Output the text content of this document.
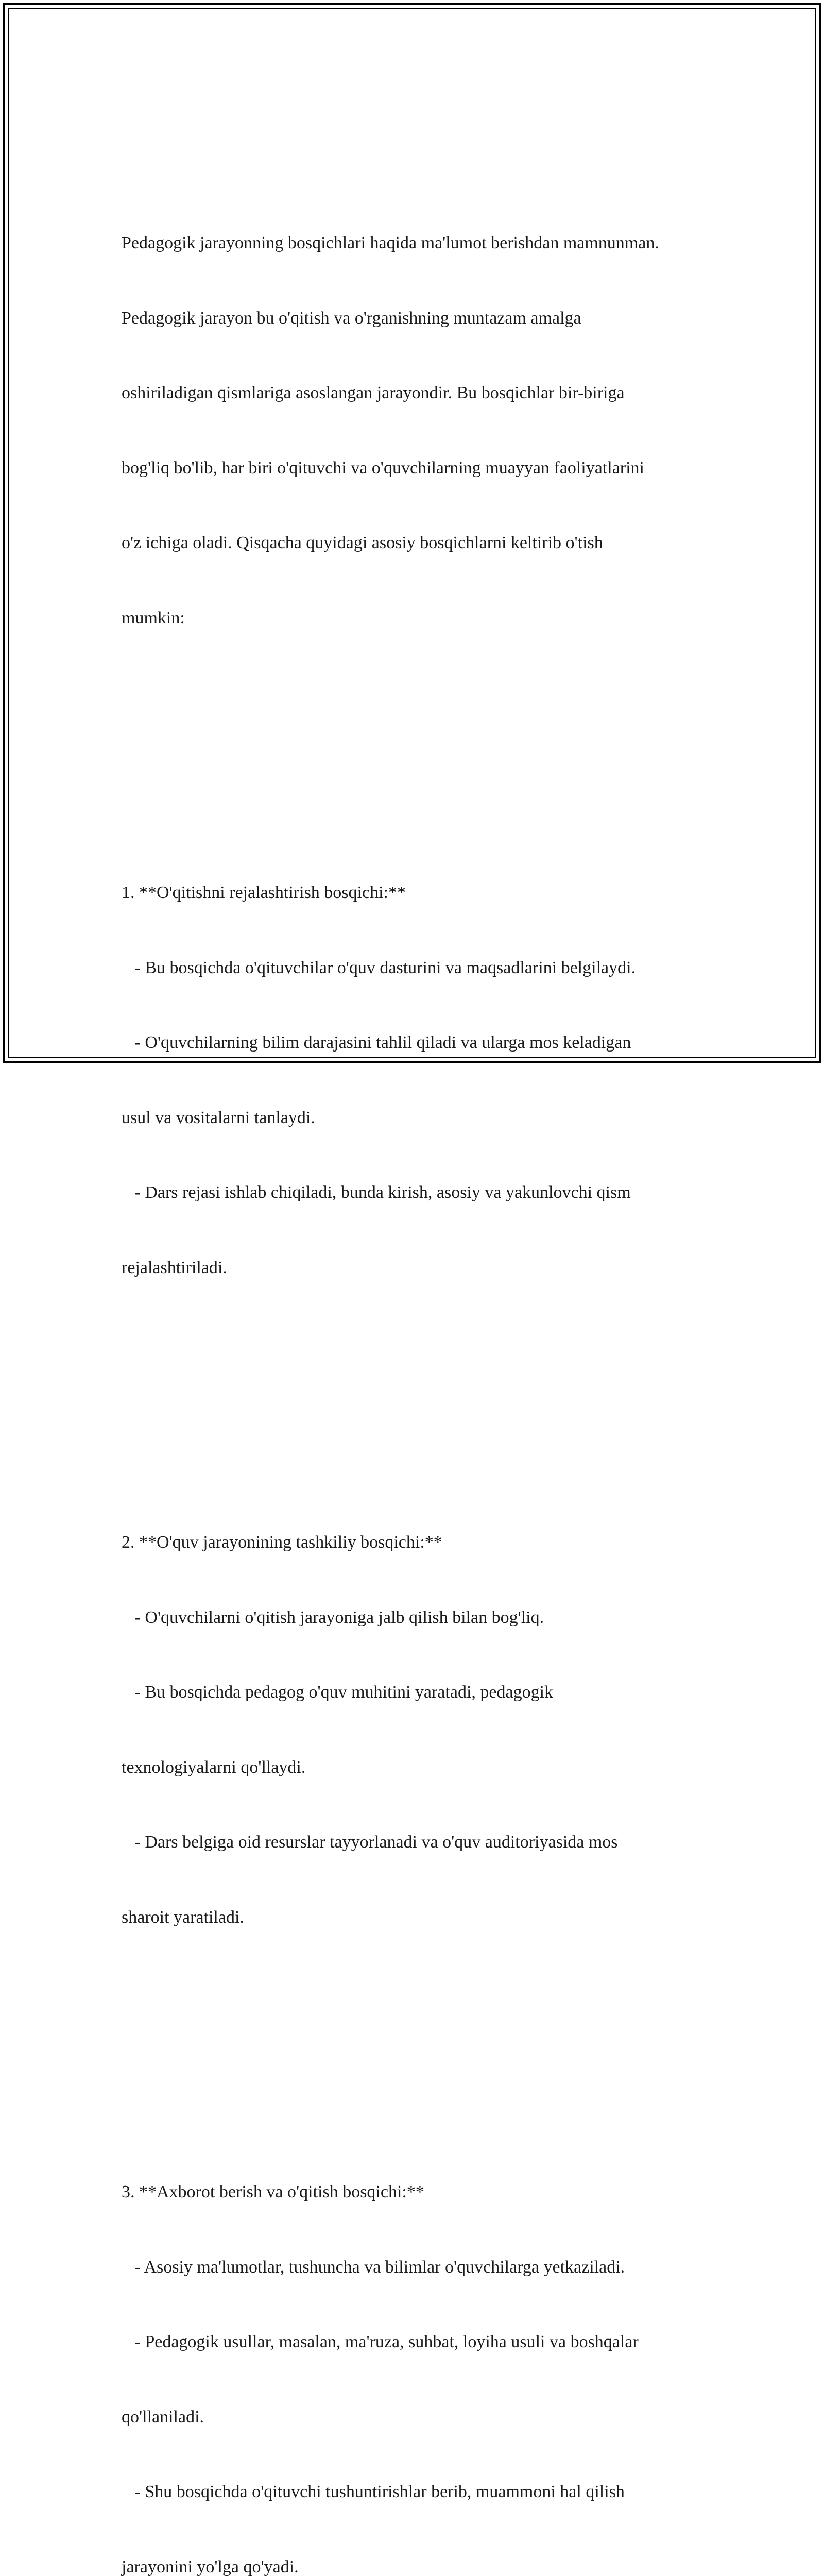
Pedagogik jarayonning bosqichlari haqida ma'lumot berishdan mamnunman.

Pedagogik jarayon bu o'qitish va o'rganishning muntazam amalga

oshiriladigan qismlariga asoslangan jarayondir. Bu bosqichlar bir-biriga

bog'liq bo'lib, har biri o'qituvchi va o'quvchilarning muayyan faoliyatlarini

o'z ichiga oladi. Qisqacha quyidagi asosiy bosqichlarni keltirib o'tish

mumkin:

1. **O'qitishni rejalashtirish bosqichi:**

- Bu bosqichda o'qituvchilar o'quv dasturini va maqsadlarini belgilaydi.

- O'quvchilarning bilim darajasini tahlil qiladi va ularga mos keladigan

usul va vositalarni tanlaydi.

- Dars rejasi ishlab chiqiladi, bunda kirish, asosiy va yakunlovchi qism

rejalashtiriladi.

2. **O'quv jarayonining tashkiliy bosqichi:**

- O'quvchilarni o'qitish jarayoniga jalb qilish bilan bog'liq.

- Bu bosqichda pedagog o'quv muhitini yaratadi, pedagogik

texnologiyalarni qo'llaydi.

- Dars belgiga oid resurslar tayyorlanadi va o'quv auditoriyasida mos

sharoit yaratiladi.

3. **Axborot berish va o'qitish bosqichi:**

- Asosiy ma'lumotlar, tushuncha va bilimlar o'quvchilarga yetkaziladi.

- Pedagogik usullar, masalan, ma'ruza, suhbat, loyiha usuli va boshqalar

qo'llaniladi.

- Shu bosqichda o'qituvchi tushuntirishlar berib, muammoni hal qilish

jarayonini yo'lga qo'yadi.
